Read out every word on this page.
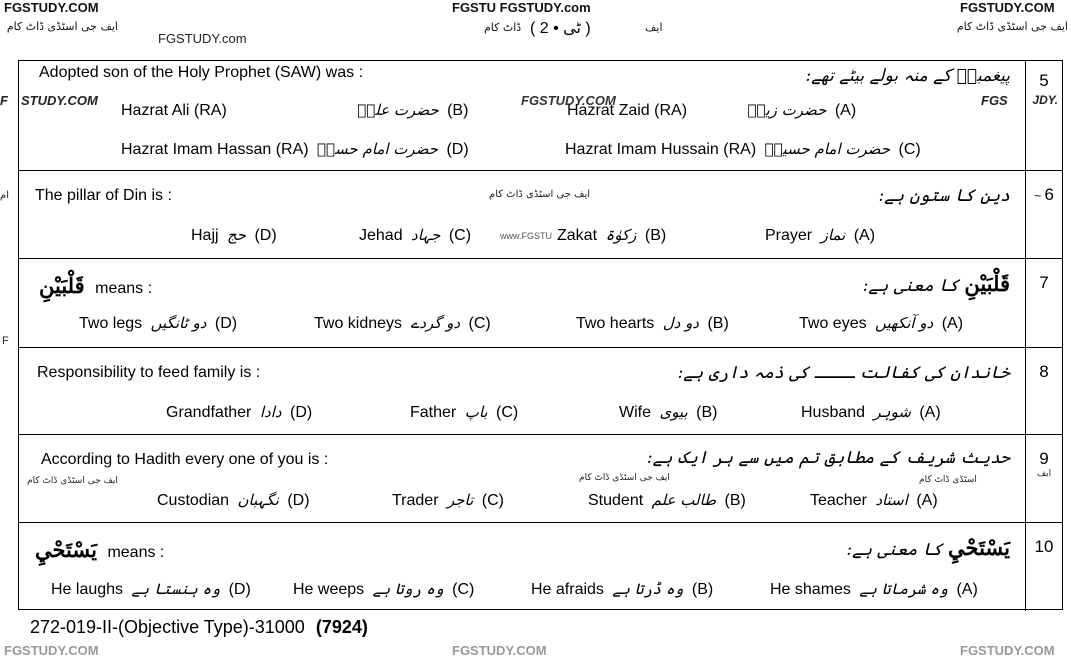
FGSTUDY.COM	FGSTU FGSTUDY.com	FGSTUDY.COM
ایف جی اسٹڈی ڈاٹ کام
FGSTUDY.com
ڈاٹ کام ( ٹی • 2 )	ایف	ایف جی اسٹڈی ڈاٹ کام
F
ام
F
5
JDY.
Adopted son of the Holy Prophet (SAW) was :	پیغمبرؐ کے منہ بولے بیٹے تھے:
STUDY.COM	FGSTUDY.COM	FGS
Hazrat Zaid (RA)	حضرت زیدؓ (A)
Hazrat Ali (RA)	حضرت علیؓ (B)
Hazrat Imam Hussain (RA) حضرت امام حسینؓ (C)
Hazrat Imam Hassan (RA) حضرت امام حسنؓ (D)
~ 6
The pillar of Din is :	دین کا ستون ہے:
ایف جی اسٹڈی ڈاٹ کام
www.FGSTU	Prayer نماز (A)
Zakat زکوٰۃ (B)
Jehad جہاد (C)
Hajj حج (D)
7
قَلْبَيْنِ means :	قَلْبَيْنِ کا معنی ہے:
Two eyes دو آنکھیں (A)
Two hearts دو دل (B)
Two kidneys دو گردے (C)
Two legs دو ٹانگیں (D)
8
Responsibility to feed family is :	خاندان کی کفالت ــــ کی ذمہ داری ہے:
Husband شوہر (A)
Wife بیوی (B)
Father باپ (C)
Grandfather دادا (D)
9
ایف
According to Hadith every one of you is :	حدیث شریف کے مطابق تم میں سے ہر ایک ہے:
ایف جی اسٹڈی ڈاٹ کام	ایف جی اسٹڈی ڈاٹ کام	اسٹڈی ڈاٹ کام
Teacher استاد (A)
Student طالب علم (B)
Trader تاجر (C)
Custodian نگہبان (D)
10
يَسْتَحْيِ means :	يَسْتَحْيِ کا معنی ہے:
He shames وہ شرماتا ہے (A)
He afraids وہ ڈرتا ہے (B)
He weeps وہ روتا ہے (C)
He laughs وہ ہنستا ہے (D)
272-019-II-(Objective Type)-31000 (7924)
FGSTUDY.COM	FGSTUDY.COM	FGSTUDY.COM
